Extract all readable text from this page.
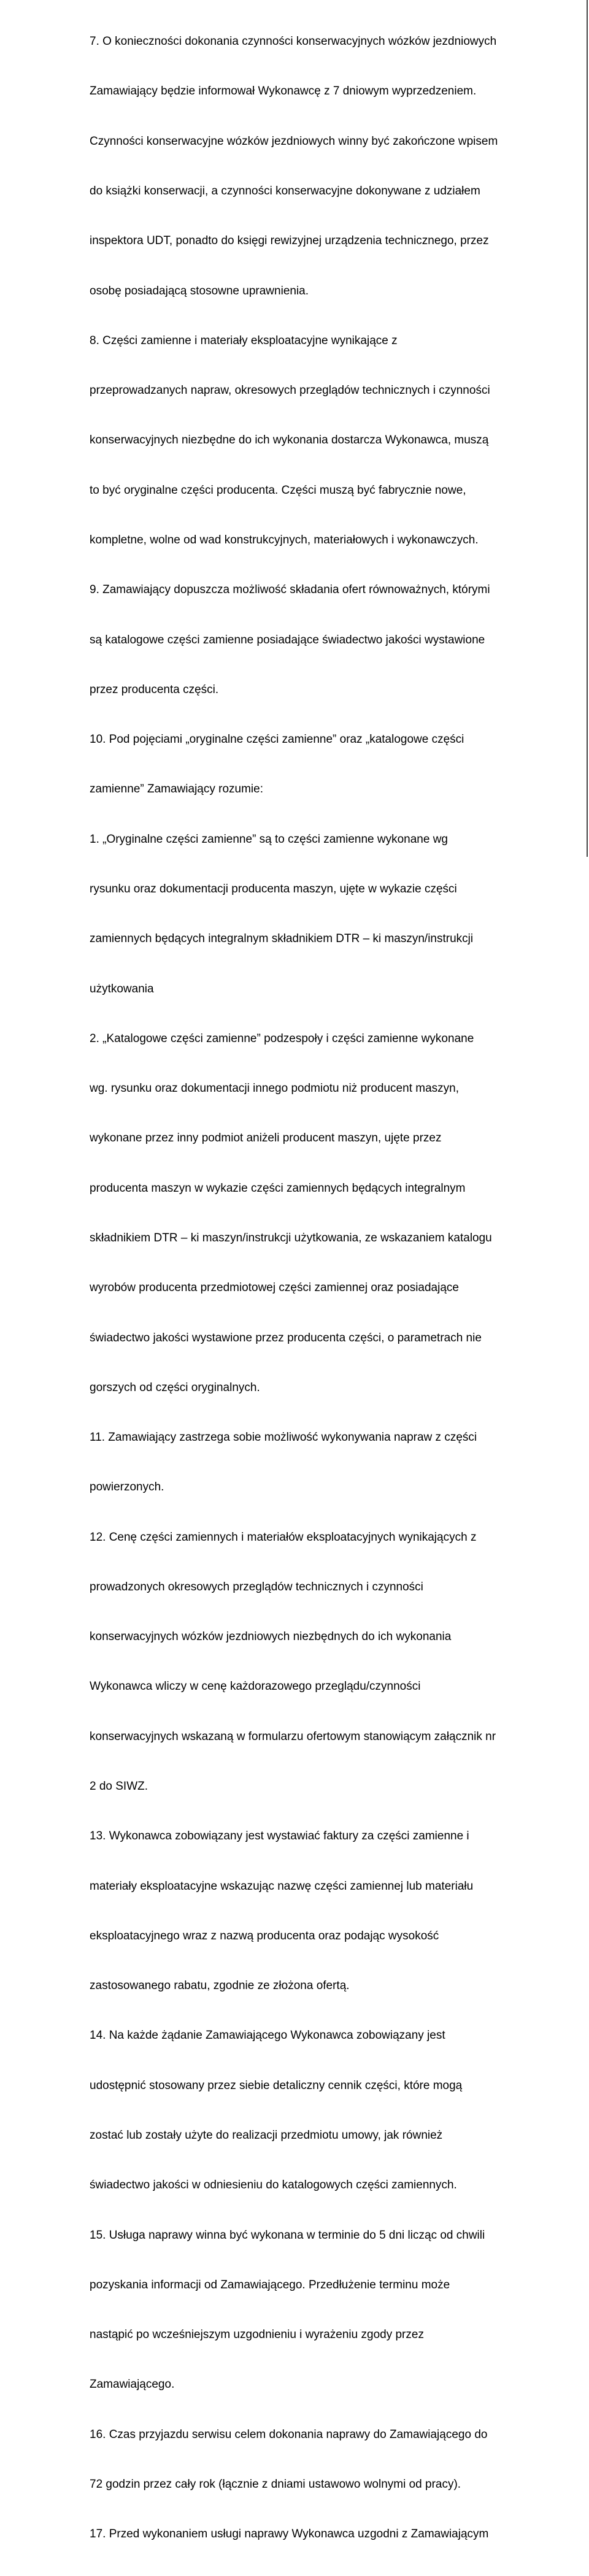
7. O konieczności dokonania czynności konserwacyjnych wózków jezdniowych

Zamawiający będzie informował Wykonawcę z 7 dniowym wyprzedzeniem.

Czynności konserwacyjne wózków jezdniowych winny być zakończone wpisem

do książki konserwacji, a czynności konserwacyjne dokonywane z udziałem

inspektora UDT, ponadto do księgi rewizyjnej urządzenia technicznego, przez

osobę posiadającą stosowne uprawnienia.

8. Części zamienne i materiały eksploatacyjne wynikające z

przeprowadzanych napraw, okresowych przeglądów technicznych i czynności

konserwacyjnych niezbędne do ich wykonania dostarcza Wykonawca, muszą

to być oryginalne części producenta. Części muszą być fabrycznie nowe,

kompletne, wolne od wad konstrukcyjnych, materiałowych i wykonawczych.

9. Zamawiający dopuszcza możliwość składania ofert równoważnych, którymi

są katalogowe części zamienne posiadające świadectwo jakości wystawione

przez producenta części.

10. Pod pojęciami „oryginalne części zamienne” oraz „katalogowe części

zamienne” Zamawiający rozumie:

1. „Oryginalne części zamienne” są to części zamienne wykonane wg

rysunku oraz dokumentacji producenta maszyn, ujęte w wykazie części

zamiennych będących integralnym składnikiem DTR – ki maszyn/instrukcji

użytkowania

2. „Katalogowe części zamienne” podzespoły i części zamienne wykonane

wg. rysunku oraz dokumentacji innego podmiotu niż producent maszyn,

wykonane przez inny podmiot aniżeli producent maszyn, ujęte przez

producenta maszyn w wykazie części zamiennych będących integralnym

składnikiem DTR – ki maszyn/instrukcji użytkowania, ze wskazaniem katalogu

wyrobów producenta przedmiotowej części zamiennej oraz posiadające

świadectwo jakości wystawione przez producenta części, o parametrach nie

gorszych od części oryginalnych.

11. Zamawiający zastrzega sobie możliwość wykonywania napraw z części

powierzonych.

12. Cenę części zamiennych i materiałów eksploatacyjnych wynikających z

prowadzonych okresowych przeglądów technicznych i czynności

konserwacyjnych wózków jezdniowych niezbędnych do ich wykonania

Wykonawca wliczy w cenę każdorazowego przeglądu/czynności

konserwacyjnych wskazaną w formularzu ofertowym stanowiącym załącznik nr

2 do SIWZ.

13. Wykonawca zobowiązany jest wystawiać faktury za części zamienne i

materiały eksploatacyjne wskazując nazwę części zamiennej lub materiału

eksploatacyjnego wraz z nazwą producenta oraz podając wysokość

zastosowanego rabatu, zgodnie ze złożona ofertą.

14. Na każde żądanie Zamawiającego Wykonawca zobowiązany jest

udostępnić stosowany przez siebie detaliczny cennik części, które mogą

zostać lub zostały użyte do realizacji przedmiotu umowy, jak również

świadectwo jakości w odniesieniu do katalogowych części zamiennych.

15. Usługa naprawy winna być wykonana w terminie do 5 dni licząc od chwili

pozyskania informacji od Zamawiającego. Przedłużenie terminu może

nastąpić po wcześniejszym uzgodnieniu i wyrażeniu zgody przez

Zamawiającego.

16. Czas przyjazdu serwisu celem dokonania naprawy do Zamawiającego do

72 godzin przez cały rok (łącznie z dniami ustawowo wolnymi od pracy).

17. Przed wykonaniem usługi naprawy Wykonawca uzgodni z Zamawiającym
